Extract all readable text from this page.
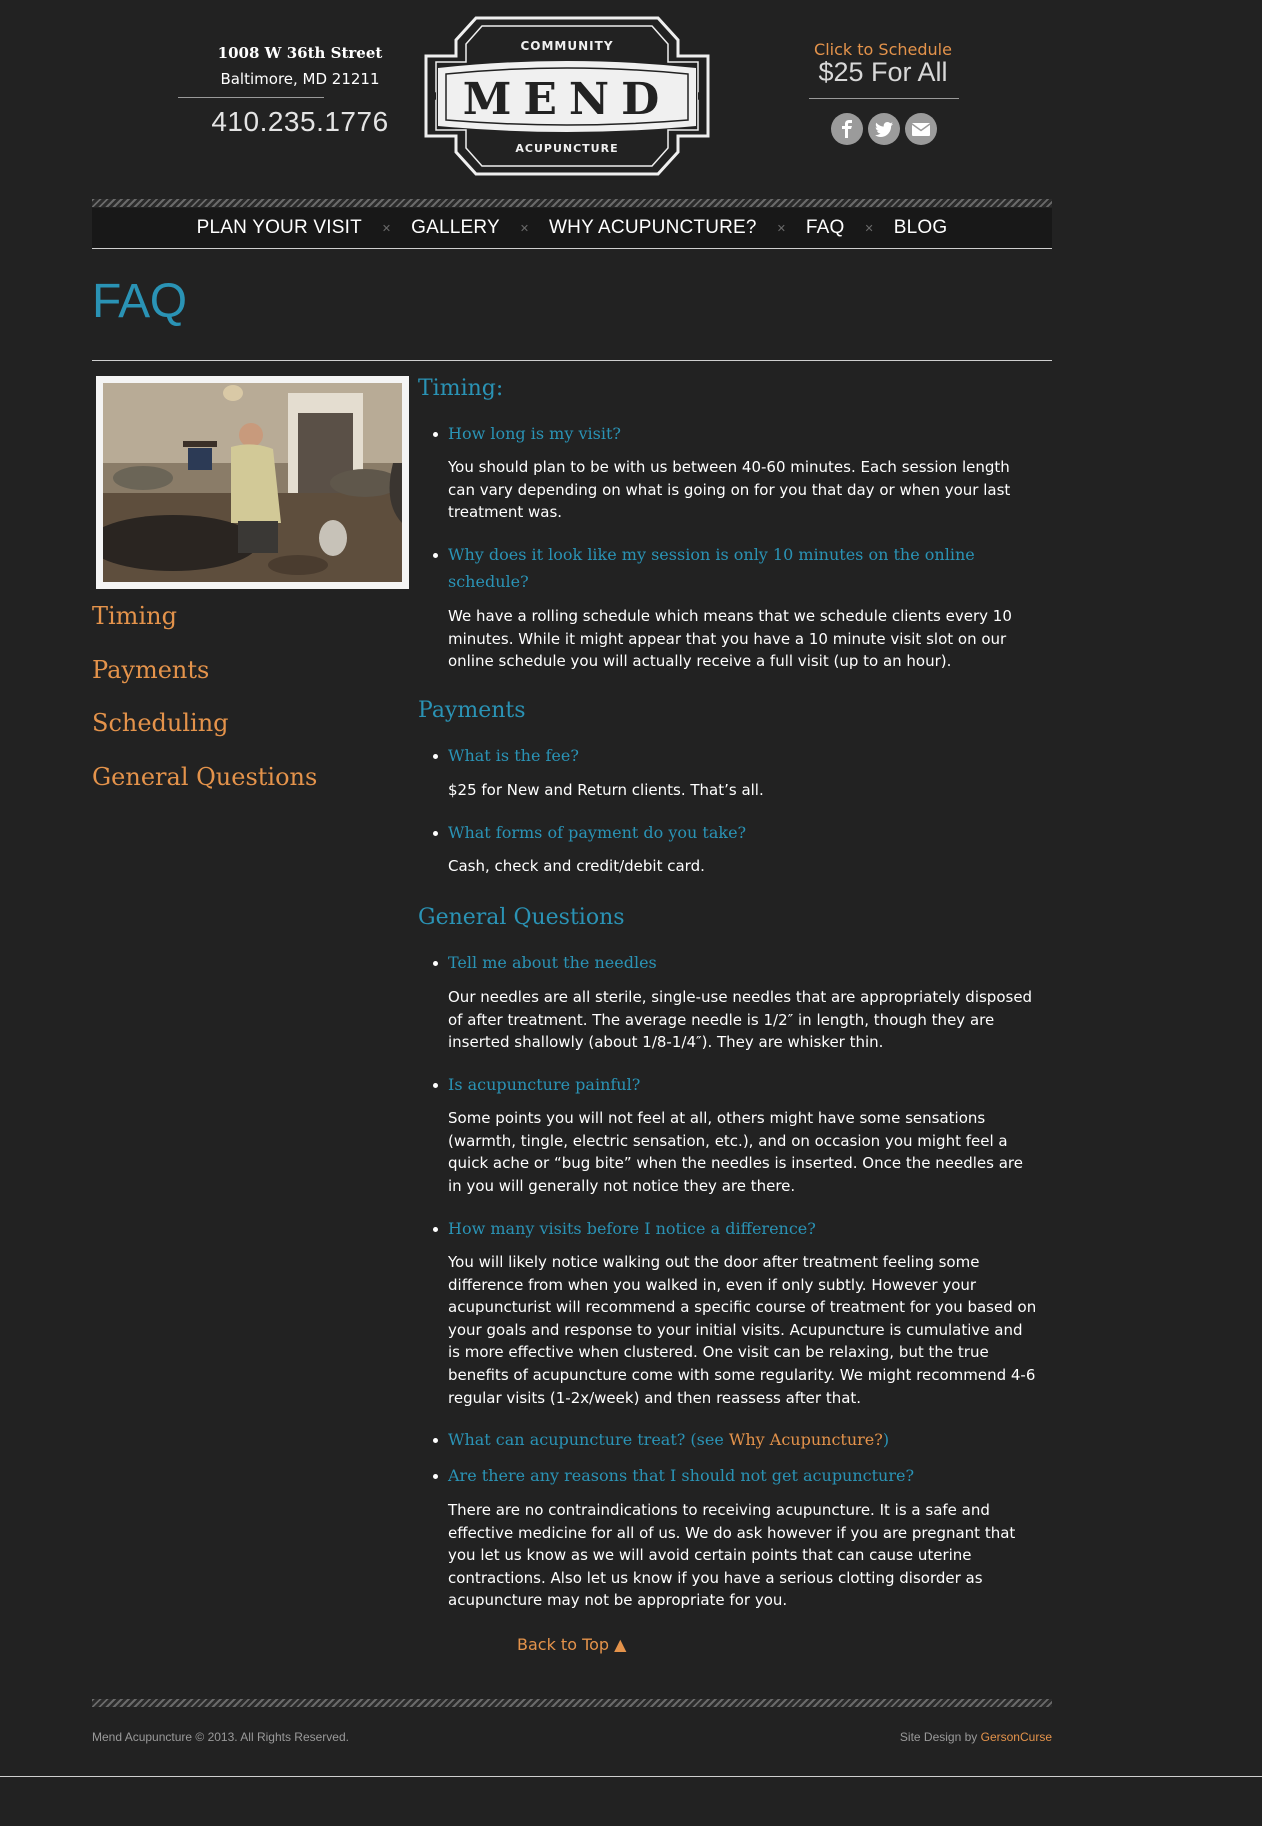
1008 W 36th Street
Baltimore, MD 21211
410.235.1776
COMMUNITY
MEND
ACUPUNCTURE
Click to Schedule
$25 For All
PLAN YOUR VISIT ✕ GALLERY ✕ WHY ACUPUNCTURE? ✕ FAQ ✕ BLOG
FAQ
Timing
Payments
Scheduling
General Questions
Timing:
How long is my visit?
You should plan to be with us between 40-60 minutes. Each session length can vary depending on what is going on for you that day or when your last treatment was.
Why does it look like my session is only 10 minutes on the online schedule?
We have a rolling schedule which means that we schedule clients every 10 minutes. While it might appear that you have a 10 minute visit slot on our online schedule you will actually receive a full visit (up to an hour).
Payments
What is the fee?
$25 for New and Return clients. That’s all.
What forms of payment do you take?
Cash, check and credit/debit card.
General Questions
Tell me about the needles
Our needles are all sterile, single-use needles that are appropriately disposed of after treatment. The average needle is 1/2″ in length, though they are inserted shallowly (about 1/8-1/4″). They are whisker thin.
Is acupuncture painful?
Some points you will not feel at all, others might have some sensations (warmth, tingle, electric sensation, etc.), and on occasion you might feel a quick ache or “bug bite” when the needles is inserted. Once the needles are in you will generally not notice they are there.
How many visits before I notice a difference?
You will likely notice walking out the door after treatment feeling some difference from when you walked in, even if only subtly. However your acupuncturist will recommend a specific course of treatment for you based on your goals and response to your initial visits. Acupuncture is cumulative and is more effective when clustered. One visit can be relaxing, but the true benefits of acupuncture come with some regularity. We might recommend 4-6 regular visits (1-2x/week) and then reassess after that.
What can acupuncture treat? (see Why Acupuncture?)
Are there any reasons that I should not get acupuncture?
There are no contraindications to receiving acupuncture. It is a safe and effective medicine for all of us. We do ask however if you are pregnant that you let us know as we will avoid certain points that can cause uterine contractions. Also let us know if you have a serious clotting disorder as acupuncture may not be appropriate for you.
Back to Top ▲
Mend Acupuncture © 2013. All Rights Reserved.	Site Design by GersonCurse
